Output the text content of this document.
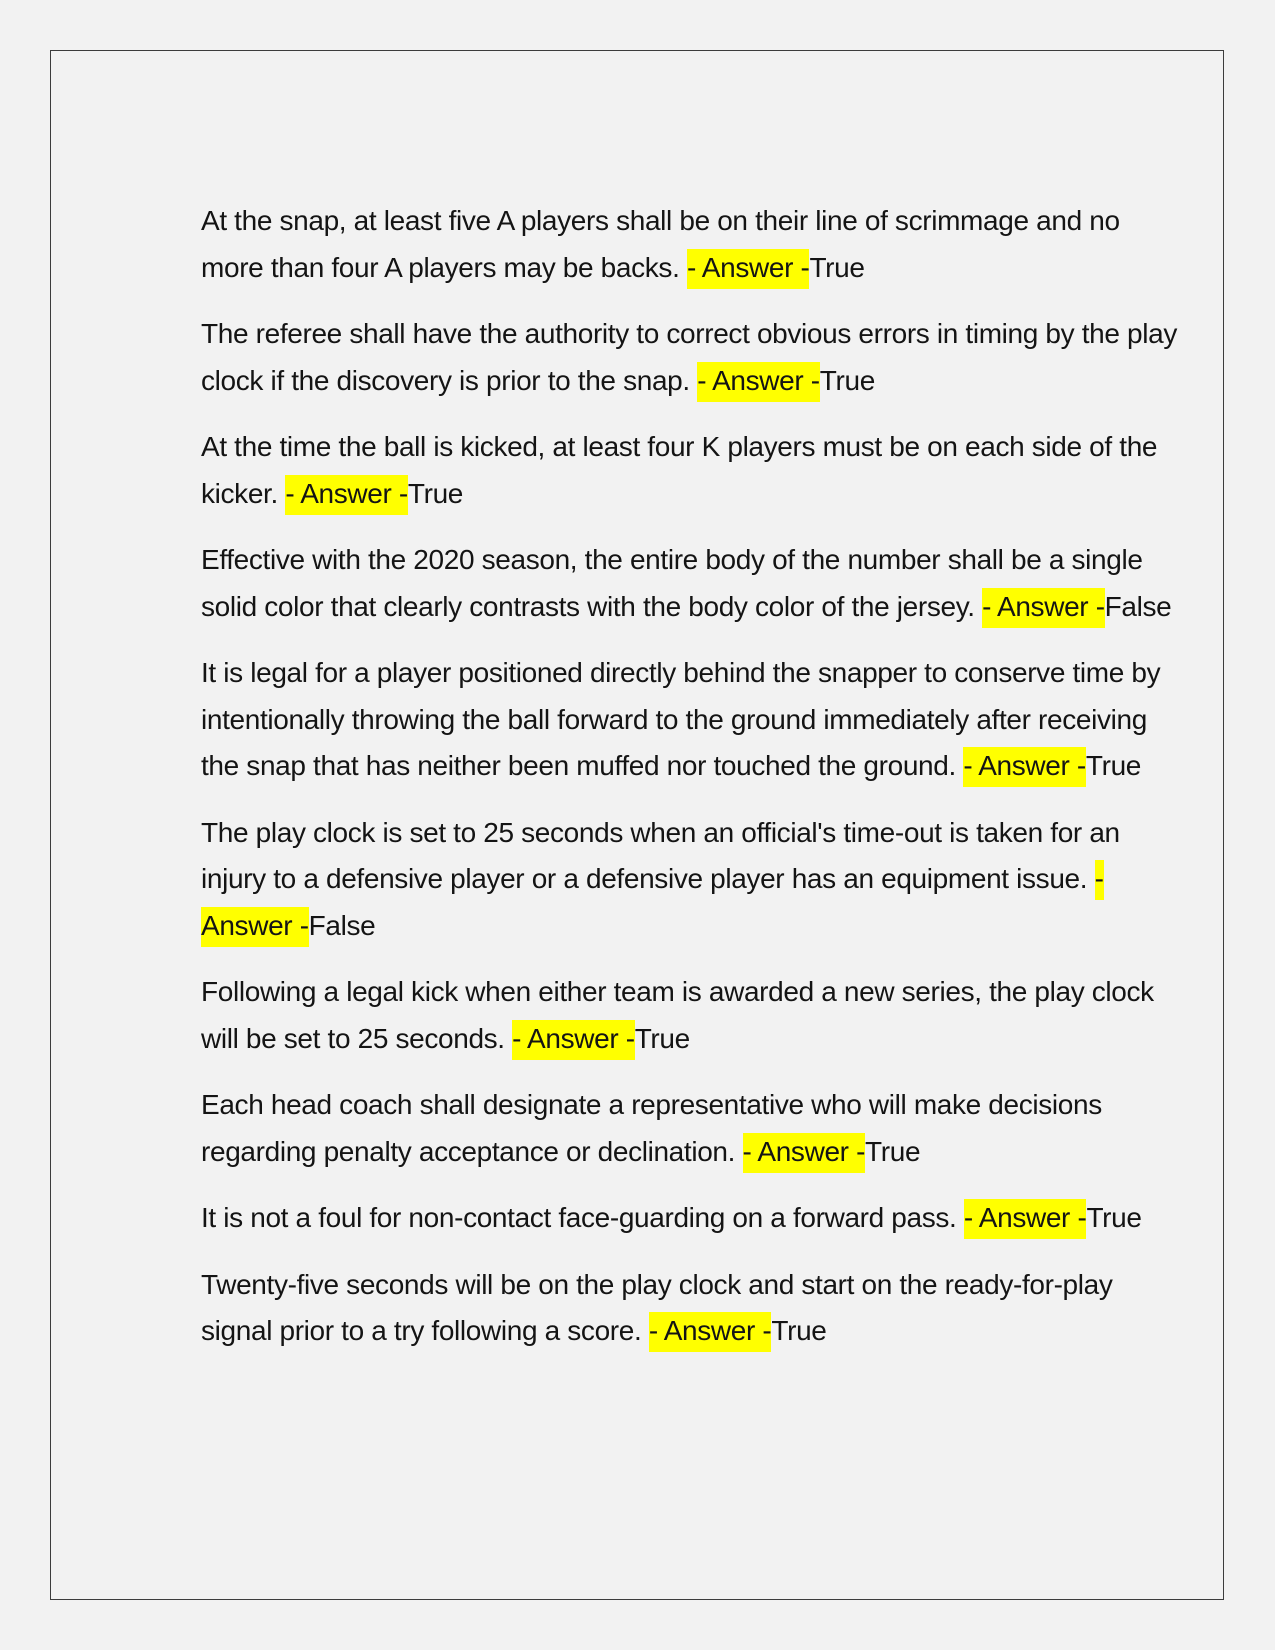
At the snap, at least five A players shall be on their line of scrimmage and no more than four A players may be backs. - Answer -True
The referee shall have the authority to correct obvious errors in timing by the play clock if the discovery is prior to the snap. - Answer -True
At the time the ball is kicked, at least four K players must be on each side of the kicker. - Answer -True
Effective with the 2020 season, the entire body of the number shall be a single solid color that clearly contrasts with the body color of the jersey. - Answer -False
It is legal for a player positioned directly behind the snapper to conserve time by intentionally throwing the ball forward to the ground immediately after receiving the snap that has neither been muffed nor touched the ground. - Answer -True
The play clock is set to 25 seconds when an official's time-out is taken for an injury to a defensive player or a defensive player has an equipment issue. - Answer -False
Following a legal kick when either team is awarded a new series, the play clock will be set to 25 seconds. - Answer -True
Each head coach shall designate a representative who will make decisions regarding penalty acceptance or declination. - Answer -True
It is not a foul for non-contact face-guarding on a forward pass. - Answer -True
Twenty-five seconds will be on the play clock and start on the ready-for-play signal prior to a try following a score. - Answer -True
